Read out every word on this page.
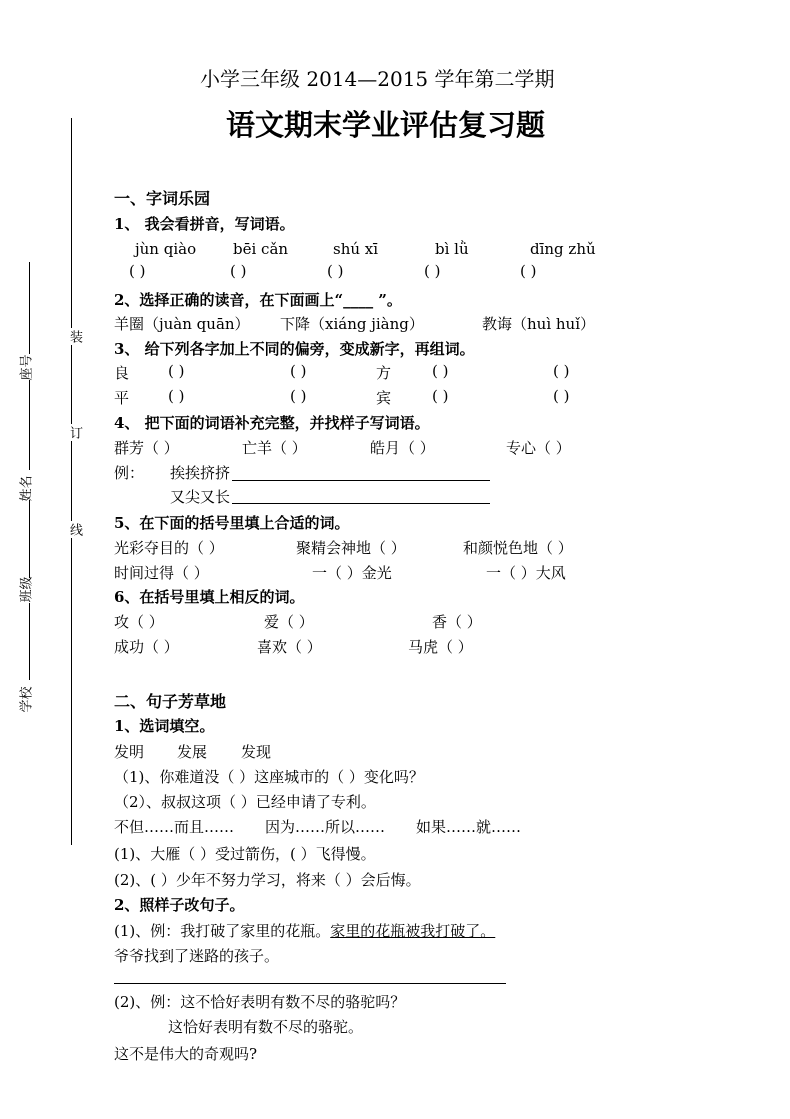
装
订
线
座号
姓名
班级
学校
小学三年级 2014—2015 学年第二学期
语文期末学业评估复习题
一、字词乐园
1、 我会看拼音，写词语。
jùn qiào bēi cǎn	shú xī	bì lǜ	dīng zhǔ
( )	( )	( )	( )	( )
2、选择正确的读音，在下面画上“____ ”。
羊圈（juàn quān） 下降（xiáng jiàng）	教诲（huì huǐ）
3、 给下列各字加上不同的偏旁，变成新字，再组词。
良	( )	( )	方	( )	( )
平	( )	( )	宾	( )	( )
4、 把下面的词语补充完整，并找样子写词语。
群芳（ ）	亡羊（ ）	皓月（ ）	专心（ ）
例： 挨挨挤挤
又尖又长
5、在下面的括号里填上合适的词。
光彩夺目的（ ）	聚精会神地（ ）	和颜悦色地（ ）
时间过得（ ）	一（ ）金光	一（ ）大风
6、在括号里填上相反的词。
攻（ ）	爱（ ）	香（ ）
成功（ ）	喜欢（ ）	马虎（ ）
二、句子芳草地
1、选词填空。
发明 发展 发现
（1)、你难道没（ ）这座城市的（ ）变化吗？
（2）、叔叔这项（ ）已经申请了专利。
不但……而且…… 因为……所以…… 如果……就……
(1)、大雁（ ）受过箭伤，( ）飞得慢。
(2)、( ）少年不努力学习，将来（ ）会后悔。
2、照样子改句子。
(1)、例：我打破了家里的花瓶。家里的花瓶被我打破了。
爷爷找到了迷路的孩子。
(2)、例：这不恰好表明有数不尽的骆驼吗？
这恰好表明有数不尽的骆驼。
这不是伟大的奇观吗?
